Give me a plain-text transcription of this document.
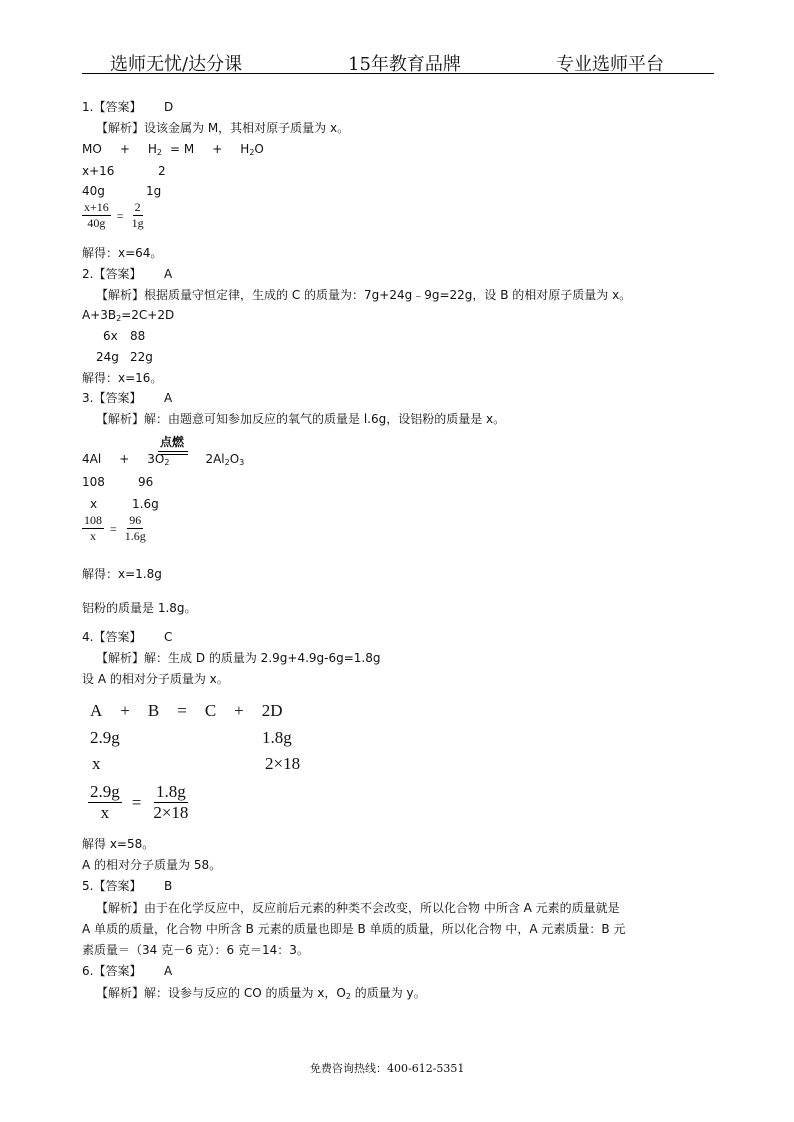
选师无忧/达分课	15年教育品牌	专业选师平台
1.【答案】 D
【解析】设该金属为 M，其相对原子质量为 x。
MO + $H_2 = M + H_2O$
x+16	2
40g	1g
$\frac{x+16}{40g} = \frac{2}{1g}$
解得：x=64。
2.【答案】 A
【解析】根据质量守恒定律，生成的 C 的质量为：7g+24g﹣9g=22g，设 B 的相对原子质量为 x。
$A+3B_2=2C+2D$
6x 88
24g 22g
解得：x=16。
3.【答案】 A
【解析】解：由题意可知参加反应的氧气的质量是 l.6g，设铝粉的质量是 x。
点燃
$4Al + 3O_2$	$2Al_2O_3$
108	96
x	1.6g
$\frac{108}{x} = \frac{96}{1.6g}$
解得：x=1.8g
铝粉的质量是 1.8g。
4.【答案】 C
【解析】解：生成 D 的质量为 2.9g+4.9g-6g=1.8g
设 A 的相对分子质量为 x。
A + B = C + 2D
2.9g	1.8g
x	2×18
$\frac{2.9g}{x} = \frac{1.8g}{2\times 18}$
解得 x=58。
A 的相对分子质量为 58。
5.【答案】 B
【解析】由于在化学反应中，反应前后元素的种类不会改变，所以化合物 中所含 A 元素的质量就是
A 单质的质量，化合物 中所含 B 元素的质量也即是 B 单质的质量，所以化合物 中，A 元素质量：B 元
素质量＝（34 克－6 克）：6 克＝14：3。
6.【答案】 A
【解析】解：设参与反应的 CO 的质量为 x，$O_2$ 的质量为 y。
免费咨询热线：400-612-5351
